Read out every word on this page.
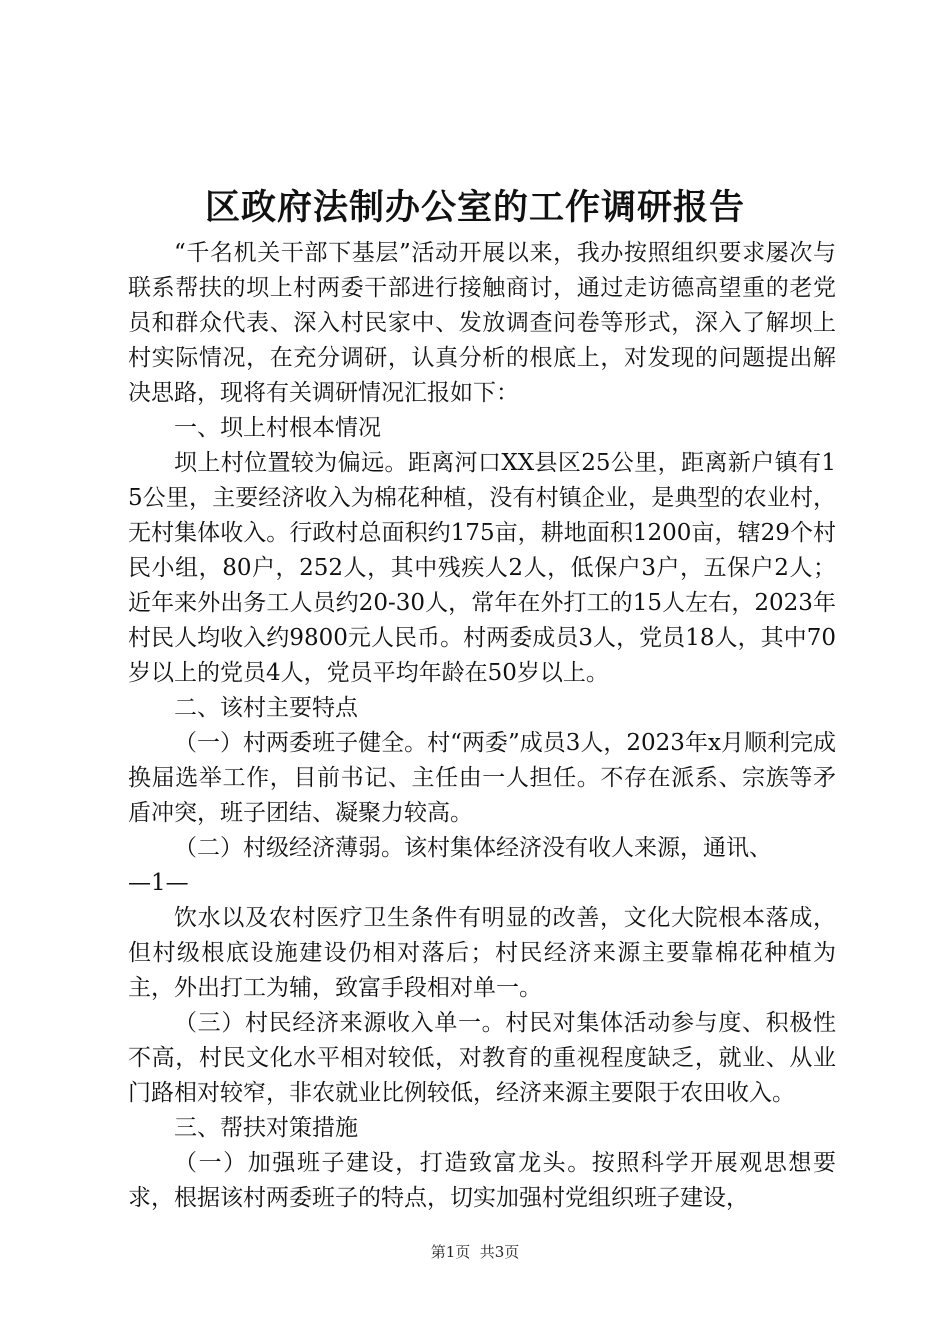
区政府法制办公室的工作调研报告

“千名机关干部下基层”活动开展以来，我办按照组织要求屡次与联系帮扶的坝上村两委干部进行接触商讨，通过走访德高望重的老党员和群众代表、深入村民家中、发放调查问卷等形式，深入了解坝上村实际情况，在充分调研，认真分析的根底上，对发现的问题提出解决思路，现将有关调研情况汇报如下：

一、坝上村根本情况

坝上村位置较为偏远。距离河口XX县区25公里，距离新户镇有15公里，主要经济收入为棉花种植，没有村镇企业，是典型的农业村，无村集体收入。行政村总面积约175亩，耕地面积1200亩，辖29个村民小组，80户，252人，其中残疾人2人，低保户3户，五保户2人；近年来外出务工人员约20-30人，常年在外打工的15人左右，2023年村民人均收入约9800元人民币。村两委成员3人，党员18人，其中70岁以上的党员4人，党员平均年龄在50岁以上。

二、该村主要特点

（一）村两委班子健全。村“两委”成员3人，2023年x月顺利完成换届选举工作，目前书记、主任由一人担任。不存在派系、宗族等矛盾冲突，班子团结、凝聚力较高。

（二）村级经济薄弱。该村集体经济没有收人来源，通讯、

—1—

饮水以及农村医疗卫生条件有明显的改善，文化大院根本落成，但村级根底设施建设仍相对落后；村民经济来源主要靠棉花种植为主，外出打工为辅，致富手段相对单一。

（三）村民经济来源收入单一。村民对集体活动参与度、积极性不高，村民文化水平相对较低，对教育的重视程度缺乏，就业、从业门路相对较窄，非农就业比例较低，经济来源主要限于农田收入。

三、帮扶对策措施

（一）加强班子建设，打造致富龙头。按照科学开展观思想要求，根据该村两委班子的特点，切实加强村党组织班子建设，

第1页  共3页
